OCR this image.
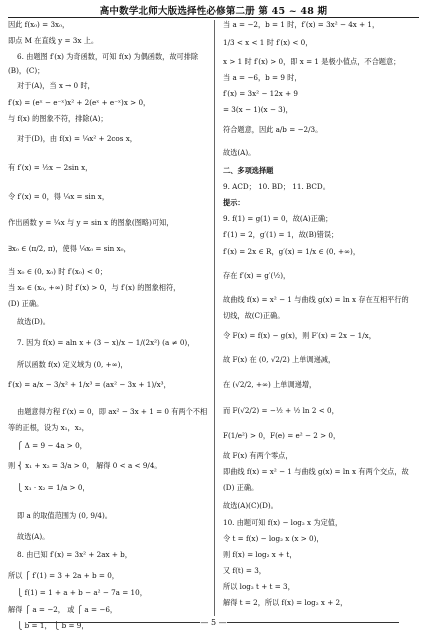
高中数学北师大版选择性必修第二册 第 45 ~ 48 期
因此 f(x₀) = 3x₀，
即点 M 在直线 y = 3x 上。
6. 由题图 f′(x) 为奇函数，可知 f(x) 为偶函数，故可排除
(B)，(C)；
对于(A)，当 x → 0 时，
f′(x) = (eˣ − e⁻ˣ)x² + 2(eˣ + e⁻ˣ)x > 0，
与 f(x) 的图象不符，排除(A)；
对于(D)，由 f(x) = ¼x² + 2cos x，
有 f′(x) = ½x − 2sin x，
令 f′(x) = 0，得 ¼x = sin x，
作出函数 y = ¼x 与 y = sin x 的图象(图略)可知，
∃x₀ ∈ (π/2, π)，使得 ¼x₀ = sin x₀，
当 x₀ ∈ (0, x₀) 时 f′(x₀) < 0；
当 x₀ ∈ (x₀, +∞) 时 f′(x) > 0，与 f′(x) 的图象相符，
(D) 正确。
故选(D)。
7. 因为 f(x) = aln x + (3 − x)/x − 1/(2x²) (a ≠ 0)，
所以函数 f(x) 定义域为 (0, +∞)，
f′(x) = a/x − 3/x² + 1/x³ = (ax² − 3x + 1)/x³，
由题意得方程 f′(x) = 0，即 ax² − 3x + 1 = 0 有两个不相
等的正根，设为 x₁，x₂，
⎧ Δ = 9 − 4a > 0，
则 ⎨ x₁ + x₂ = 3/a > 0， 解得 0 < a < 9/4。
⎩ x₁ · x₂ = 1/a > 0，
即 a 的取值范围为 (0, 9/4)。
故选(A)。
8. 由已知 f′(x) = 3x² + 2ax + b，
所以 ⎧ f′(1) = 3 + 2a + b = 0，
⎩ f(1) = 1 + a + b − a² − 7a = 10，
解得 ⎧ a = −2， 或 ⎧ a = −6，
⎩ b = 1， ⎩ b = 9，
当 a = −2，b = 1 时，f′(x) = 3x² − 4x + 1，
1/3 < x < 1 时 f′(x) < 0，
x > 1 时 f′(x) > 0，即 x = 1 是极小值点，不合题意；
当 a = −6，b = 9 时，
f′(x) = 3x² − 12x + 9
= 3(x − 1)(x − 3)，
符合题意，因此 a/b = −2/3。
故选(A)。
二、多项选择题
9. ACD； 10. BD； 11. BCD。
提示：
9. f(1) = g(1) = 0，故(A)正确；
f′(1) = 2，g′(1) = 1，故(B)错误；
f′(x) = 2x ∈ R，g′(x) = 1/x ∈ (0, +∞)，
存在 f′(x) = g′(½)，
故曲线 f(x) = x² − 1 与曲线 g(x) = ln x 存在互相平行的
切线，故(C)正确。
令 F(x) = f(x) − g(x)，则 F′(x) = 2x − 1/x，
故 F(x) 在 (0, √2/2) 上单调递减，
在 (√2/2, +∞) 上单调递增，
而 F(√2/2) = −½ + ½ ln 2 < 0，
F(1/e²) > 0，F(e) = e² − 2 > 0，
故 F(x) 有两个零点，
即曲线 f(x) = x² − 1 与曲线 g(x) = ln x 有两个交点，故
(D) 正确。
故选(A)(C)(D)。
10. 由题可知 f(x) − log₂ x 为定值，
令 t = f(x) − log₂ x (x > 0)，
则 f(x) = log₂ x + t，
又 f(t) = 3，
所以 log₂ t + t = 3，
解得 t = 2，所以 f(x) = log₂ x + 2，
— 5 —
